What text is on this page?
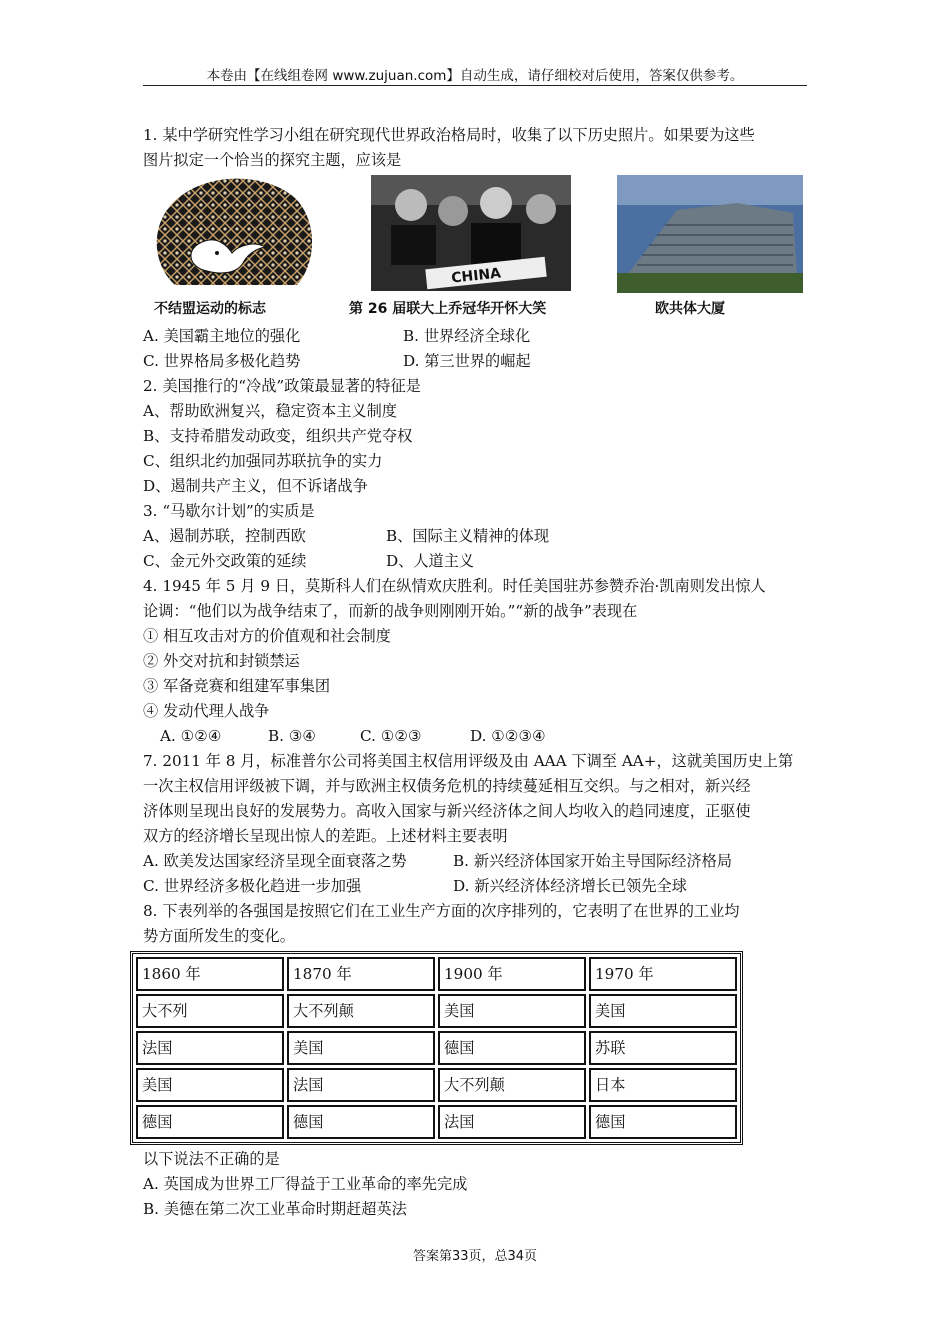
本卷由【在线组卷网 www.zujuan.com】自动生成，请仔细校对后使用，答案仅供参考。
1. 某中学研究性学习小组在研究现代世界政治格局时，收集了以下历史照片。如果要为这些
图片拟定一个恰当的探究主题，应该是
不结盟运动的标志
CHINA
第 26 届联大上乔冠华开怀大笑	欧共体大厦
A. 美国霸主地位的强化	B. 世界经济全球化
C. 世界格局多极化趋势	D. 第三世界的崛起
2. 美国推行的“冷战”政策最显著的特征是
A、帮助欧洲复兴，稳定资本主义制度
B、支持希腊发动政变，组织共产党夺权
C、组织北约加强同苏联抗争的实力
D、遏制共产主义，但不诉诸战争
3. “马歇尔计划”的实质是
A、遏制苏联，控制西欧	B、国际主义精神的体现
C、金元外交政策的延续	D、人道主义
4. 1945 年 5 月 9 日，莫斯科人们在纵情欢庆胜利。时任美国驻苏参赞乔治·凯南则发出惊人
论调：“他们以为战争结束了，而新的战争则刚刚开始。”“新的战争”表现在
① 相互攻击对方的价值观和社会制度
② 外交对抗和封锁禁运
③ 军备竞赛和组建军事集团
④ 发动代理人战争
A. ①②④	B. ③④	C. ①②③	D. ①②③④
7. 2011 年 8 月，标准普尔公司将美国主权信用评级及由 AAA 下调至 AA+，这就美国历史上第
一次主权信用评级被下调，并与欧洲主权债务危机的持续蔓延相互交织。与之相对，新兴经
济体则呈现出良好的发展势力。高收入国家与新兴经济体之间人均收入的趋同速度，正驱使
双方的经济增长呈现出惊人的差距。上述材料主要表明
A. 欧美发达国家经济呈现全面衰落之势	B. 新兴经济体国家开始主导国际经济格局
C. 世界经济多极化趋进一步加强	D. 新兴经济体经济增长已领先全球
8. 下表列举的各强国是按照它们在工业生产方面的次序排列的，它表明了在世界的工业均
势方面所发生的变化。
1860 年	1870 年	1900 年	1970 年
大不列	大不列颠	美国	美国
法国	美国	德国	苏联
美国	法国	大不列颠	日本
德国	德国	法国	德国
以下说法不正确的是
A. 英国成为世界工厂得益于工业革命的率先完成
B. 美德在第二次工业革命时期赶超英法
答案第33页，总34页
